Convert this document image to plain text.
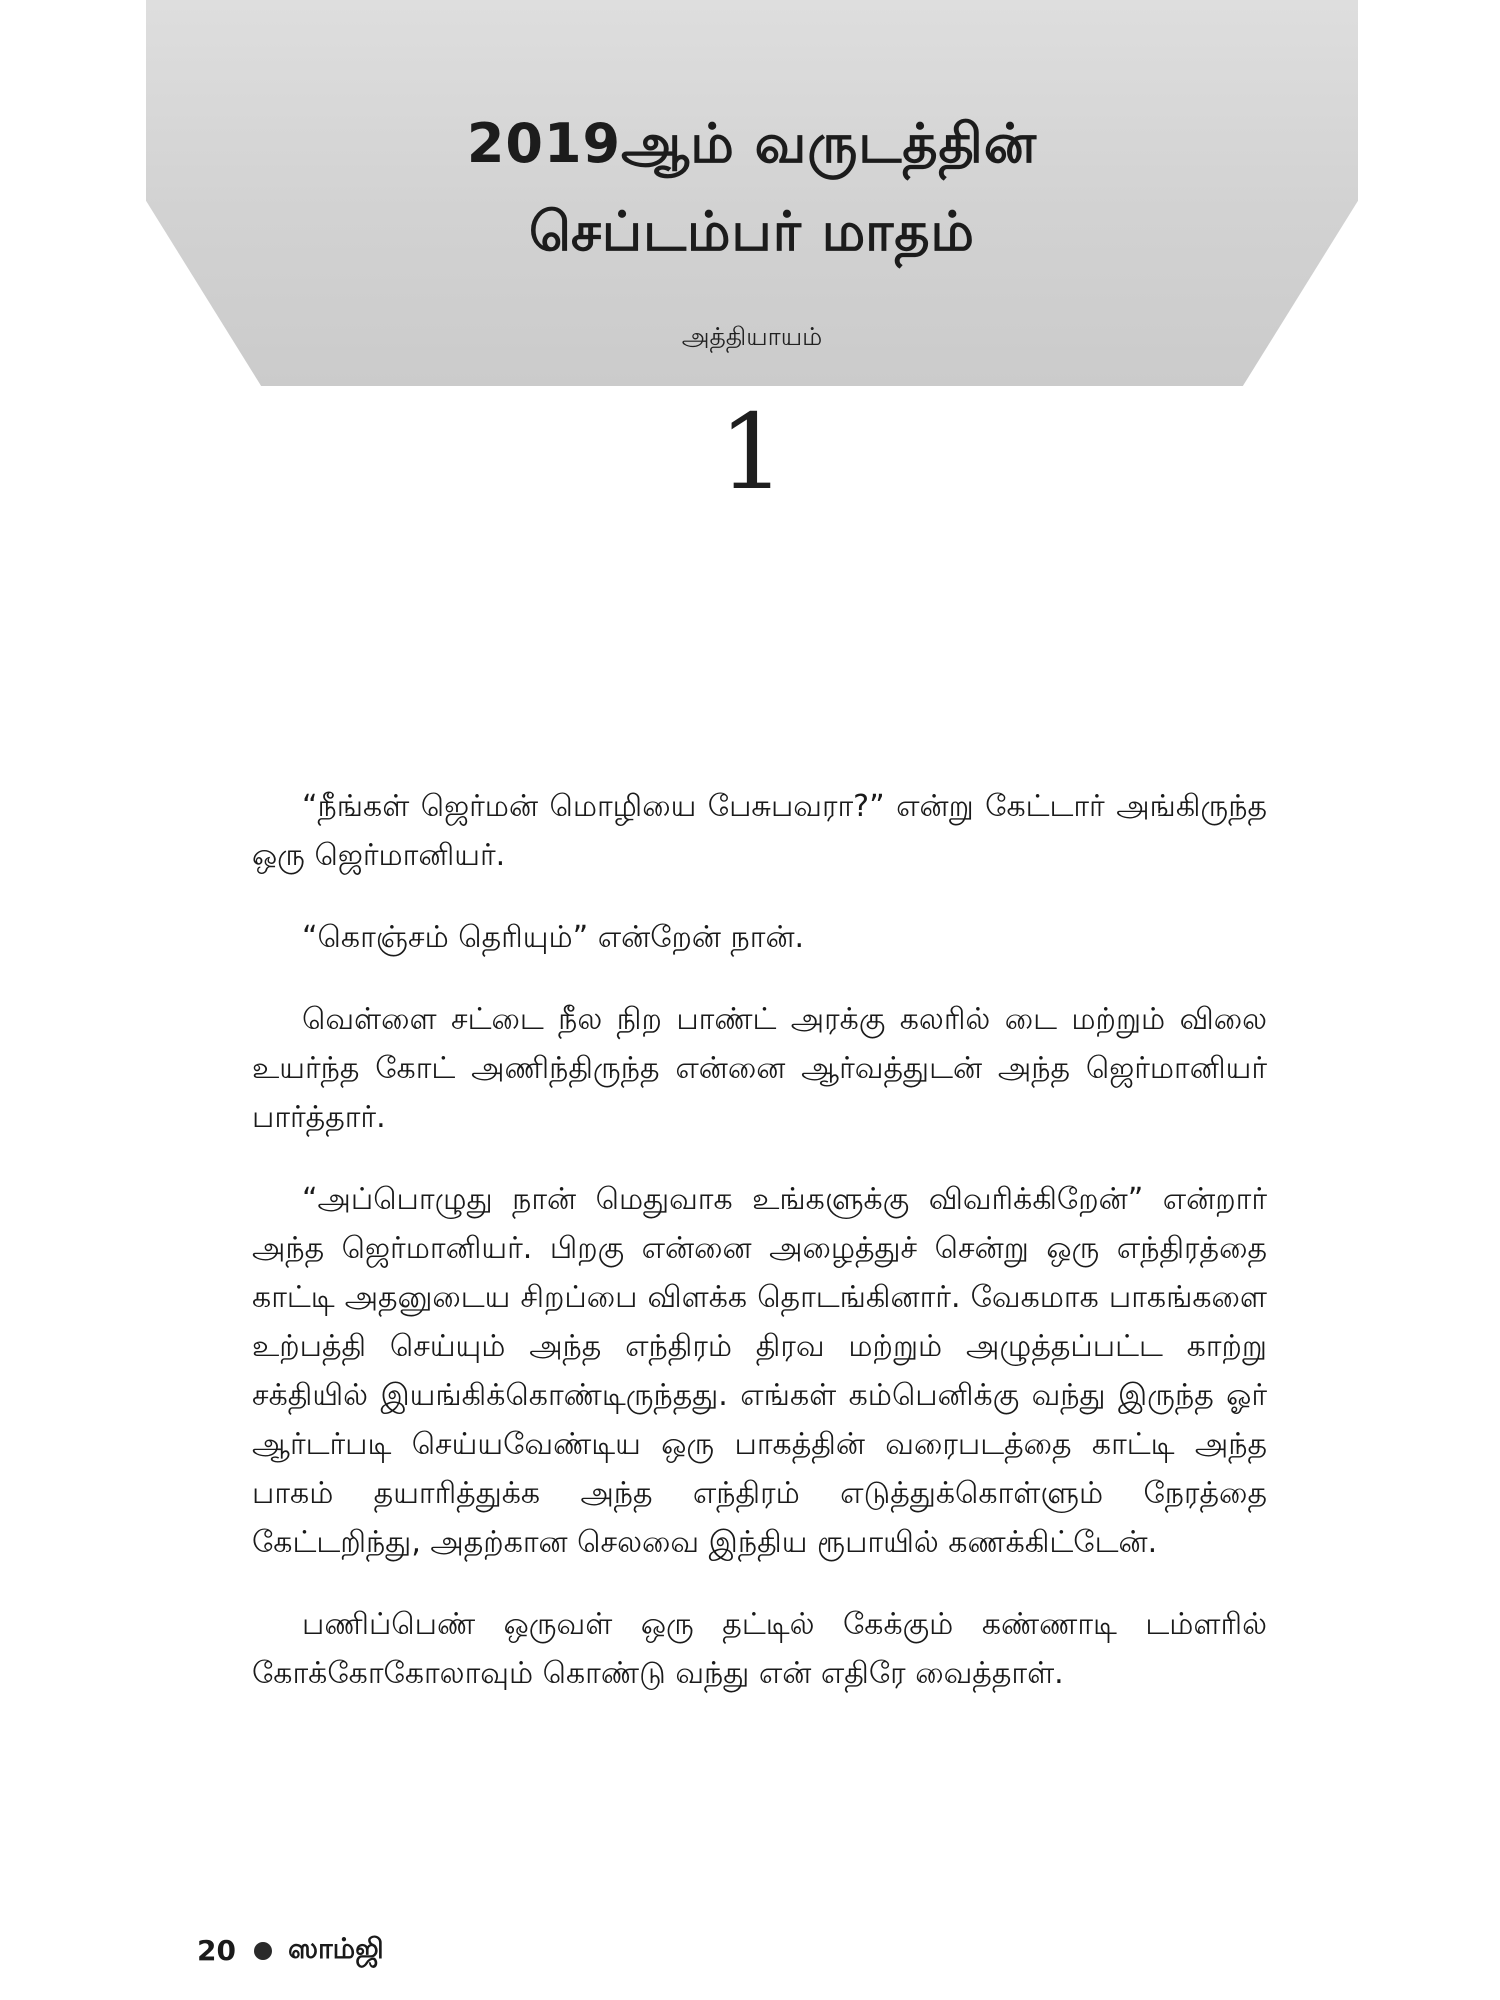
2019ஆம் வருடத்தின்
செப்டம்பர் மாதம்
அத்தியாயம்
1

“நீங்கள் ஜெர்மன் மொழியை பேசுபவரா?” என்று கேட்டார் அங்கிருந்த ஒரு ஜெர்மானியர்.

“கொஞ்சம் தெரியும்” என்றேன் நான்.

வெள்ளை சட்டை நீல நிற பாண்ட் அரக்கு கலரில் டை மற்றும் விலை உயர்ந்த கோட் அணிந்திருந்த என்னை ஆர்வத்துடன் அந்த ஜெர்மானியர் பார்த்தார்.

“அப்பொழுது நான் மெதுவாக உங்களுக்கு விவரிக்கிறேன்” என்றார் அந்த ஜெர்மானியர். பிறகு என்னை அழைத்துச் சென்று ஒரு எந்திரத்தை காட்டி அதனுடைய சிறப்பை விளக்க தொடங்கினார். வேகமாக பாகங்களை உற்பத்தி செய்யும் அந்த எந்திரம் திரவ மற்றும் அழுத்தப்பட்ட காற்று சக்தியில் இயங்கிக்கொண்டிருந்தது. எங்கள் கம்பெனிக்கு வந்து இருந்த ஓர் ஆர்டர்படி செய்யவேண்டிய ஒரு பாகத்தின் வரைபடத்தை காட்டி அந்த பாகம் தயாரித்துக்க அந்த எந்திரம் எடுத்துக்கொள்ளும் நேரத்தை கேட்டறிந்து, அதற்கான செலவை இந்திய ரூபாயில் கணக்கிட்டேன்.

பணிப்பெண் ஒருவள் ஒரு தட்டில் கேக்கும் கண்ணாடி டம்ளரில் கோக்கோகோலாவும் கொண்டு வந்து என் எதிரே வைத்தாள்.

20 ஸாம்ஜி
